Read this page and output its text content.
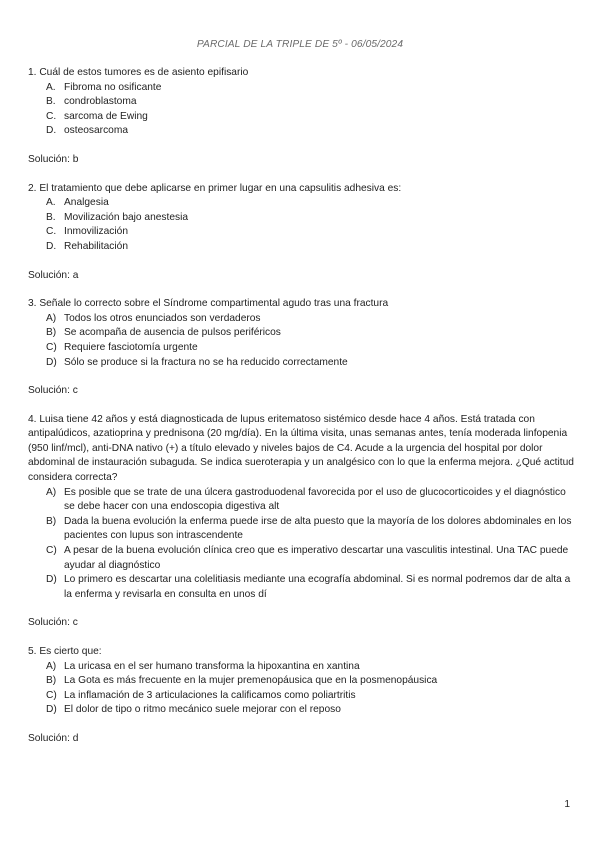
PARCIAL DE LA TRIPLE DE 5º - 06/05/2024

1. Cuál de estos tumores es de asiento epifisario

A. Fibroma no osificante
B. condroblastoma
C. sarcoma de Ewing
D. osteosarcoma

Solución: b

2. El tratamiento que debe aplicarse en primer lugar en una capsulitis adhesiva es:

A. Analgesia
B. Movilización bajo anestesia
C. Inmovilización
D. Rehabilitación

Solución: a

3. Señale lo correcto sobre el Síndrome compartimental agudo tras una fractura

A) Todos los otros enunciados son verdaderos
B) Se acompaña de ausencia de pulsos periféricos
C) Requiere fasciotomía urgente
D) Sólo se produce si la fractura no se ha reducido correctamente

Solución: c

4. Luisa tiene 42 años y está diagnosticada de lupus eritematoso sistémico desde hace 4 años. Está tratada con antipalúdicos, azatioprina y prednisona (20 mg/día). En la última visita, unas semanas antes, tenía moderada linfopenia (950 linf/mcl), anti-DNA nativo (+) a título elevado y niveles bajos de C4. Acude a la urgencia del hospital por dolor abdominal de instauración subaguda. Se indica sueroterapia y un analgésico con lo que la enferma mejora. ¿Qué actitud considera correcta?

A) Es posible que se trate de una úlcera gastroduodenal favorecida por el uso de glucocorticoides y el diagnóstico se debe hacer con una endoscopia digestiva alt
B) Dada la buena evolución la enferma puede irse de alta puesto que la mayoría de los dolores abdominales en los pacientes con lupus son intrascendente
C) A pesar de la buena evolución clínica creo que es imperativo descartar una vasculitis intestinal. Una TAC puede ayudar al diagnóstico
D) Lo primero es descartar una colelitiasis mediante una ecografía abdominal. Si es normal podremos dar de alta a la enferma y revisarla en consulta en unos dí

Solución: c

5. Es cierto que:

A) La uricasa en el ser humano transforma la hipoxantina en xantina
B) La Gota es más frecuente en la mujer premenopáusica que en la posmenopáusica
C) La inflamación de 3 articulaciones la calificamos como poliartritis
D) El dolor de tipo o ritmo mecánico suele mejorar con el reposo

Solución: d

1
